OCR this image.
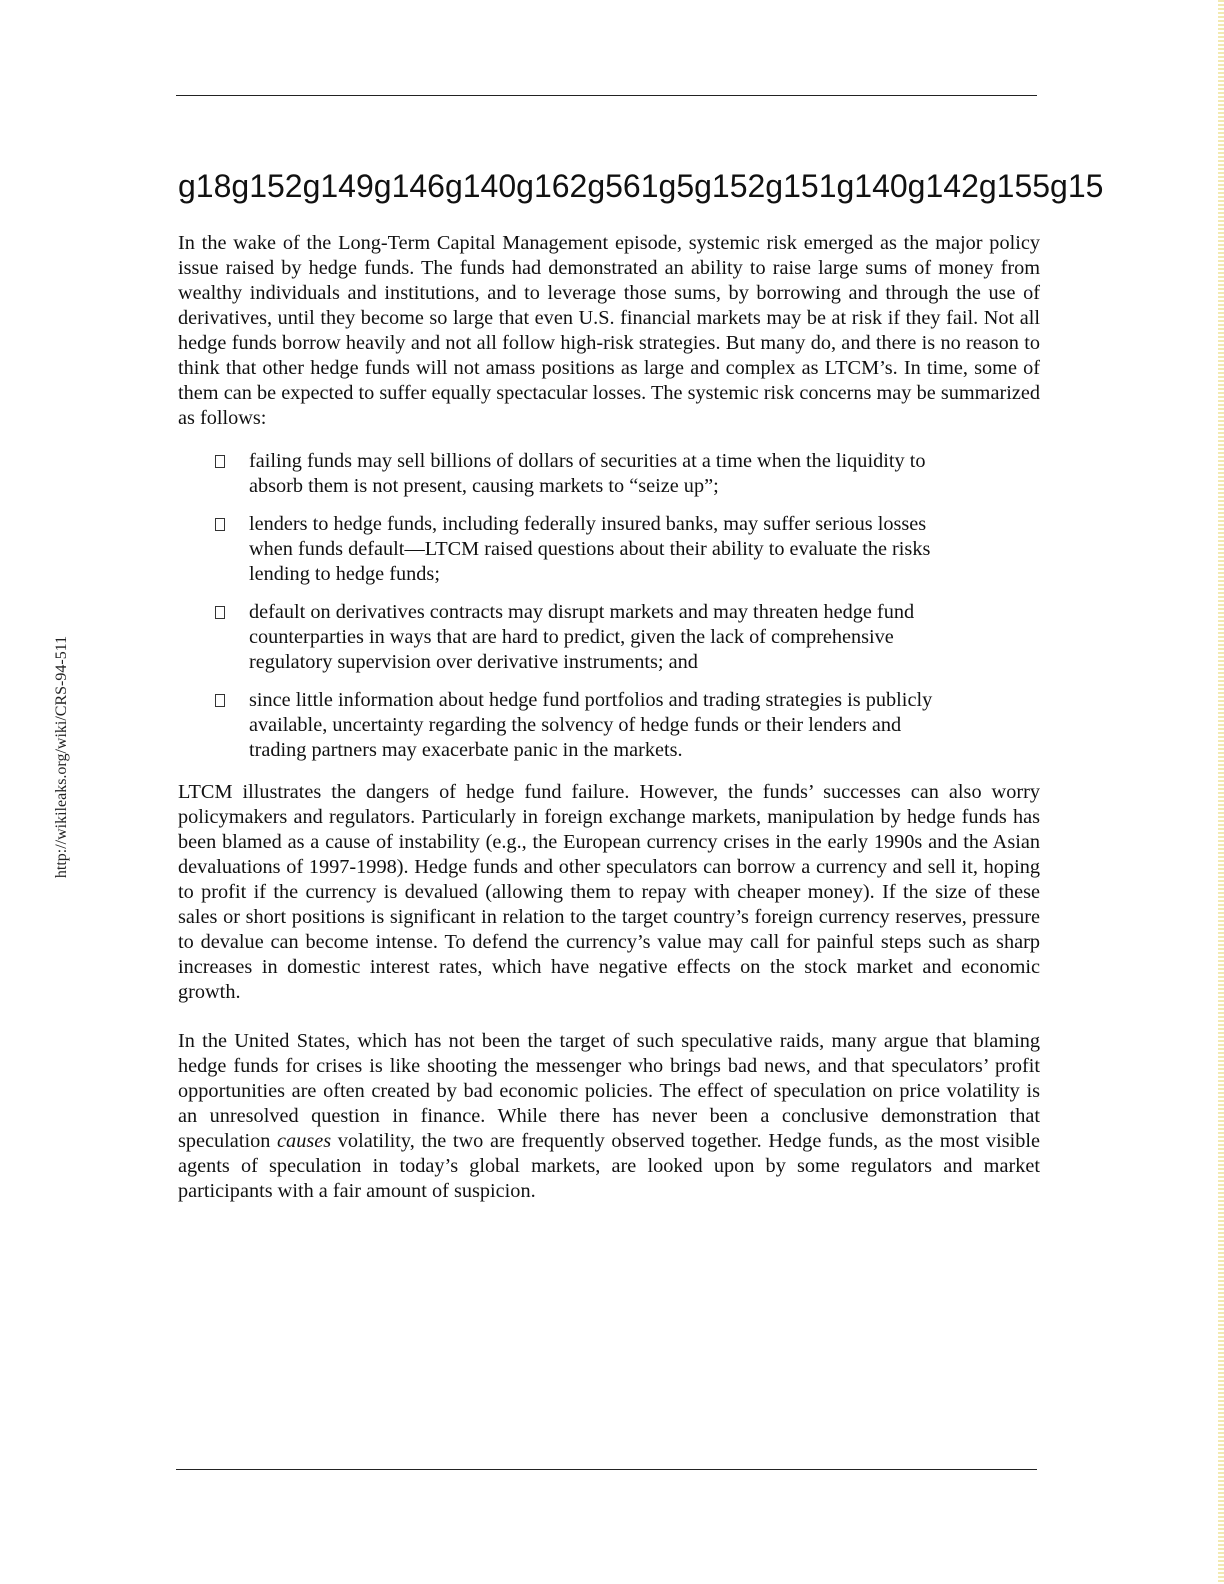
http://wikileaks.org/wiki/CRS-94-511
g18g152g149g146g140g162g561g5g152g151g140g142g155g15

In the wake of the Long-Term Capital Management episode, systemic risk emerged as the major policy issue raised by hedge funds. The funds had demonstrated an ability to raise large sums of money from wealthy individuals and institutions, and to leverage those sums, by borrowing and through the use of derivatives, until they become so large that even U.S. financial markets may be at risk if they fail. Not all hedge funds borrow heavily and not all follow high-risk strategies. But many do, and there is no reason to think that other hedge funds will not amass positions as large and complex as LTCM’s. In time, some of them can be expected to suffer equally spectacular losses. The systemic risk concerns may be summarized as follows:

failing funds may sell billions of dollars of securities at a time when the liquidity to absorb them is not present, causing markets to “seize up”;
lenders to hedge funds, including federally insured banks, may suffer serious losses when funds default—LTCM raised questions about their ability to evaluate the risks lending to hedge funds;
default on derivatives contracts may disrupt markets and may threaten hedge fund counterparties in ways that are hard to predict, given the lack of comprehensive regulatory supervision over derivative instruments; and
since little information about hedge fund portfolios and trading strategies is publicly available, uncertainty regarding the solvency of hedge funds or their lenders and trading partners may exacerbate panic in the markets.

LTCM illustrates the dangers of hedge fund failure. However, the funds’ successes can also worry policymakers and regulators. Particularly in foreign exchange markets, manipulation by hedge funds has been blamed as a cause of instability (e.g., the European currency crises in the early 1990s and the Asian devaluations of 1997-1998). Hedge funds and other speculators can borrow a currency and sell it, hoping to profit if the currency is devalued (allowing them to repay with cheaper money). If the size of these sales or short positions is significant in relation to the target country’s foreign currency reserves, pressure to devalue can become intense. To defend the currency’s value may call for painful steps such as sharp increases in domestic interest rates, which have negative effects on the stock market and economic growth.

In the United States, which has not been the target of such speculative raids, many argue that blaming hedge funds for crises is like shooting the messenger who brings bad news, and that speculators’ profit opportunities are often created by bad economic policies. The effect of speculation on price volatility is an unresolved question in finance. While there has never been a conclusive demonstration that speculation causes volatility, the two are frequently observed together. Hedge funds, as the most visible agents of speculation in today’s global markets, are looked upon by some regulators and market participants with a fair amount of suspicion.
